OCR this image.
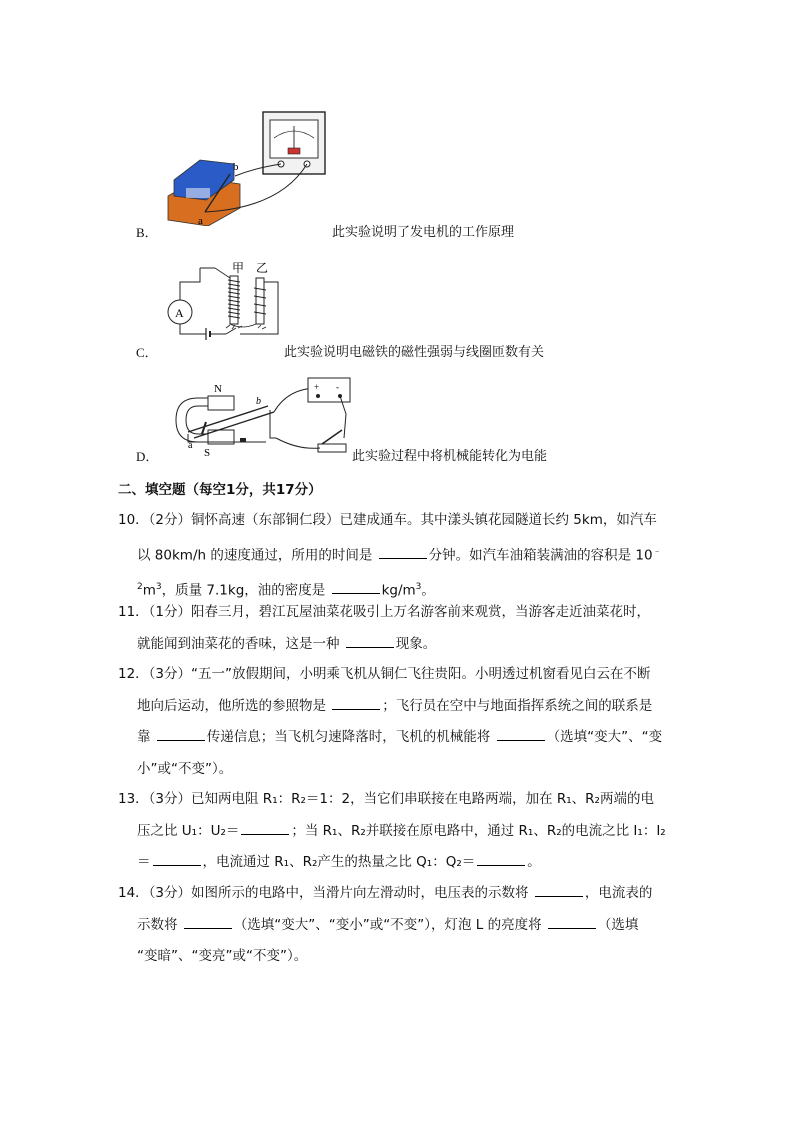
b
a
B．	此实验说明了发电机的工作原理
甲 乙
A
C．	此实验说明电磁铁的磁性强弱与线圈匝数有关
N
S
a
b
+ -
D．	此实验过程中将机械能转化为电能
二、填空题（每空1分，共17分）

10．（2分）铜怀高速（东部铜仁段）已建成通车。其中漾头镇花园隧道长约 5km，如汽车

以 80km/h 的速度通过，所用的时间是	分钟。如汽车油箱装满油的容积是 10﹣

$^2m^3$，质量 7.1kg，油的密度是	$kg/m^3$。

11．（1分）阳春三月，碧江瓦屋油菜花吸引上万名游客前来观赏，当游客走近油菜花时，

就能闻到油菜花的香味，这是一种	现象。

12．（3分）“五一”放假期间，小明乘飞机从铜仁飞往贵阳。小明透过机窗看见白云在不断

地向后运动，他所选的参照物是	；飞行员在空中与地面指挥系统之间的联系是

靠	传递信息；当飞机匀速降落时，飞机的机械能将	（选填“变大”、“变

小”或“不变”）。

13．（3分）已知两电阻 R₁：R₂＝1：2，当它们串联接在电路两端，加在 R₁、R₂两端的电

压之比 U₁：U₂＝	；当 R₁、R₂并联接在原电路中，通过 R₁、R₂的电流之比 I₁：I₂

＝	，电流通过 R₁、R₂产生的热量之比 Q₁：Q₂＝	。

14．（3分）如图所示的电路中，当滑片向左滑动时，电压表的示数将	，电流表的

示数将	（选填“变大”、“变小”或“不变”），灯泡 L 的亮度将	（选填

“变暗”、“变亮”或“不变”）。
